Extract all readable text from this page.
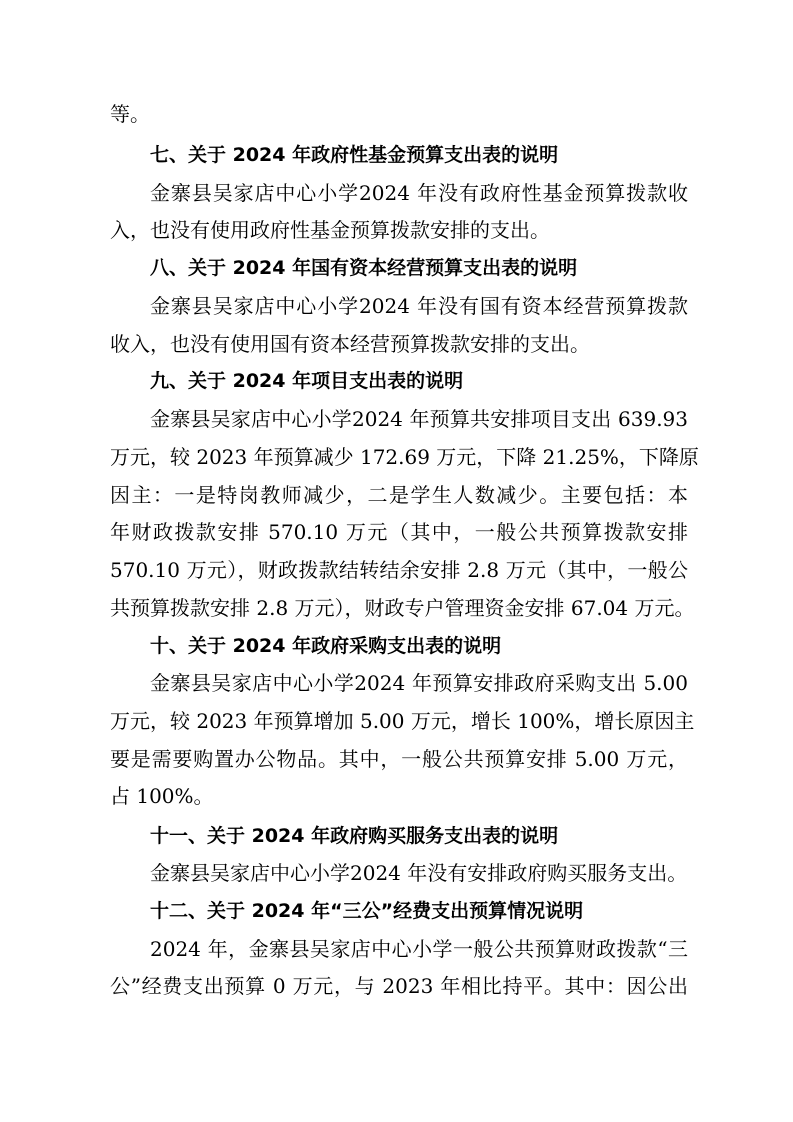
等。
七、关于 2024 年政府性基金预算支出表的说明
金寨县吴家店中心小学2024 年没有政府性基金预算拨款收
入，也没有使用政府性基金预算拨款安排的支出。
八、关于 2024 年国有资本经营预算支出表的说明
金寨县吴家店中心小学2024 年没有国有资本经营预算拨款
收入，也没有使用国有资本经营预算拨款安排的支出。
九、关于 2024 年项目支出表的说明
金寨县吴家店中心小学2024 年预算共安排项目支出 639.93
万元，较 2023 年预算减少 172.69 万元，下降 21.25%，下降原
因主：一是特岗教师减少，二是学生人数减少。主要包括：本
年财政拨款安排 570.10 万元（其中，一般公共预算拨款安排
570.10 万元），财政拨款结转结余安排 2.8 万元（其中，一般公
共预算拨款安排 2.8 万元），财政专户管理资金安排 67.04 万元。
十、关于 2024 年政府采购支出表的说明
金寨县吴家店中心小学2024 年预算安排政府采购支出 5.00
万元，较 2023 年预算增加 5.00 万元，增长 100%，增长原因主
要是需要购置办公物品。其中，一般公共预算安排 5.00 万元，
占 100%。
十一、关于 2024 年政府购买服务支出表的说明
金寨县吴家店中心小学2024 年没有安排政府购买服务支出。
十二、关于 2024 年“三公”经费支出预算情况说明
2024 年，金寨县吴家店中心小学一般公共预算财政拨款“三
公”经费支出预算 0 万元，与 2023 年相比持平。其中：因公出
